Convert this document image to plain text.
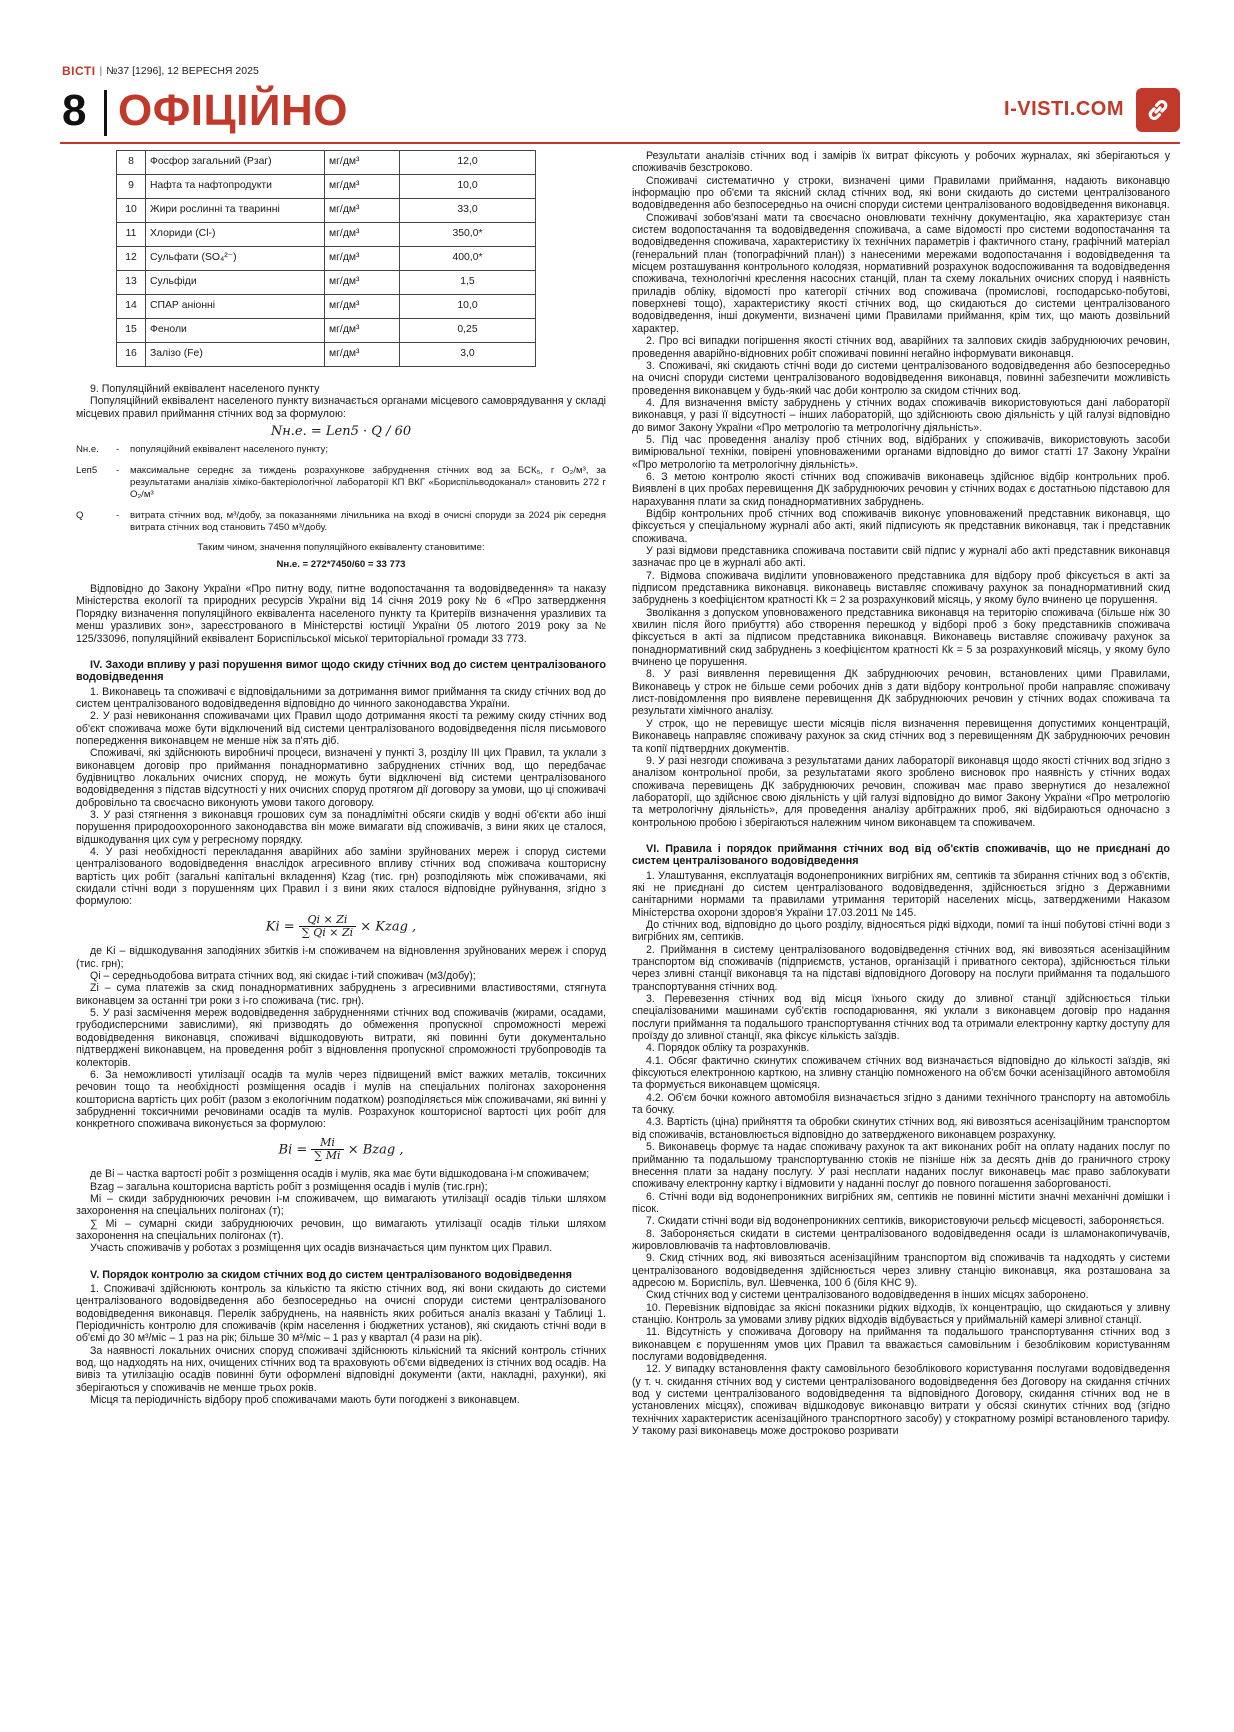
ВІСТІ | №37 [1296], 12 ВЕРЕСНЯ 2025
8 ОФІЦІЙНО	I-VISTI.COM
8	Фосфор загальний (Рзаг)	мг/дм³	12,0
9	Нафта та нафтопродукти	мг/дм³	10,0
10	Жири рослинні та тваринні	мг/дм³	33,0
11	Хлориди (Cl-)	мг/дм³	350,0*
12	Сульфати (SO₄²⁻)	мг/дм³	400,0*
13	Сульфіди	мг/дм³	1,5
14	СПАР аніонні	мг/дм³	10,0
15	Феноли	мг/дм³	0,25
16	Залізо (Fe)	мг/дм³	3,0

9. Популяційний еквівалент населеного пункту

Популяційний еквівалент населеного пункту визначається органами місцевого самоврядування у складі місцевих правил приймання стічних вод за формулою:

Nн.е. = Lеп5 · Q / 60
Nн.е.	-	популяційний еквівалент населеного пункту;
Lеп5	-	максимальне середнє за тиждень розрахункове забруднення стічних вод за БСК₅, г O₂/м³, за результатами аналізів хіміко-бактеріологічної лабораторії КП ВКГ «Бориспільводоканал» становить 272 г O₂/м³
Q	-	витрата стічних вод, м³/добу, за показаннями лічильника на вході в очисні споруди за 2024 рік середня витрата стічних вод становить 7450 м³/добу.
Таким чином, значення популяційного еквіваленту становитиме:
Nн.е. = 272*7450/60 = 33 773

Відповідно до Закону України «Про питну воду, питне водопостачання та водовідведення» та наказу Міністерства екології та природних ресурсів України від 14 січня 2019 року № 6 «Про затвердження Порядку визначення популяційного еквівалента населеного пункту та Критеріїв визначення уразливих та менш уразливих зон», зареєстрованого в Міністерстві юстиції України 05 лютого 2019 року за № 125/33096, популяційний еквівалент Бориспільської міської територіальної громади 33 773.

IV. Заходи впливу у разі порушення вимог щодо скиду стічних вод до систем централізованого водовідведення

1. Виконавець та споживачі є відповідальними за дотримання вимог приймання та скиду стічних вод до систем централізованого водовідведення відповідно до чинного законодавства України.

2. У разі невиконання споживачами цих Правил щодо дотримання якості та режиму скиду стічних вод об'єкт споживача може бути відключений від системи централізованого водовідведення після письмового попередження виконавцем не менше ніж за п'ять діб.

Споживачі, які здійснюють виробничі процеси, визначені у пункті 3, розділу III цих Правил, та уклали з виконавцем договір про приймання понаднормативно забруднених стічних вод, що передбачає будівництво локальних очисних споруд, не можуть бути відключені від системи централізованого водовідведення з підстав відсутності у них очисних споруд протягом дії договору за умови, що ці споживачі добровільно та своєчасно виконують умови такого договору.

3. У разі стягнення з виконавця грошових сум за понадлімітні обсяги скидів у водні об'єкти або інші порушення природоохоронного законодавства він може вимагати від споживачів, з вини яких це сталося, відшкодування цих сум у регресному порядку.

4. У разі необхідності перекладання аварійних або заміни зруйнованих мереж і споруд системи централізованого водовідведення внаслідок агресивного впливу стічних вод споживача кошторисну вартість цих робіт (загальні капітальні вкладення) Кzag (тис. грн) розподіляють між споживачами, які скидали стічні води з порушенням цих Правил і з вини яких сталося відповідне руйнування, згідно з формулою:

$Ki = \frac{Qi \times Zi}{\sum Qi \times Zi}$ × Kzag ,

де Ki – відшкодування заподіяних збитків i-м споживачем на відновлення зруйнованих мереж і споруд (тис. грн);

Qi – середньодобова витрата стічних вод, які скидає i-тий споживач (м3/добу);

Zi – сума платежів за скид понаднормативних забруднень з агресивними властивостями, стягнута виконавцем за останні три роки з i-го споживача (тис. грн).

5. У разі засмічення мереж водовідведення забрудненнями стічних вод споживачів (жирами, осадами, грубодисперсними завислими), які призводять до обмеження пропускної спроможності мережі водовідведення виконавця, споживачі відшкодовують витрати, які повинні бути документально підтверджені виконавцем, на проведення робіт з відновлення пропускної спроможності трубопроводів та колекторів.

6. За неможливості утилізації осадів та мулів через підвищений вміст важких металів, токсичних речовин тощо та необхідності розміщення осадів і мулів на спеціальних полігонах захоронення кошторисна вартість цих робіт (разом з екологічним податком) розподіляється між споживачами, які винні у забрудненні токсичними речовинами осадів та мулів. Розрахунок кошторисної вартості цих робіт для конкретного споживача виконується за формулою:

$Bi = \frac{Mi}{\sum Mi}$ × Bzag ,

де Bi – частка вартості робіт з розміщення осадів і мулів, яка має бути відшкодована i-м споживачем;

Bzag – загальна кошторисна вартість робіт з розміщення осадів і мулів (тис.грн);

Mi – скиди забруднюючих речовин i-м споживачем, що вимагають утилізації осадів тільки шляхом захоронення на спеціальних полігонах (т);

∑ Mi – сумарні скиди забруднюючих речовин, що вимагають утилізації осадів тільки шляхом захоронення на спеціальних полігонах (т).

Участь споживачів у роботах з розміщення цих осадів визначається цим пунктом цих Правил.

V. Порядок контролю за скидом стічних вод до систем централізованого водовідведення

1. Споживачі здійснюють контроль за кількістю та якістю стічних вод, які вони скидають до системи централізованого водовідведення або безпосередньо на очисні споруди системи централізованого водовідведення виконавця. Перелік забруднень, на наявність яких робиться аналіз вказані у Таблиці 1. Періодичність контролю для споживачів (крім населення і бюджетних установ), які скидають стічні води в об'ємі до 30 м³/міс – 1 раз на рік; більше 30 м³/міс – 1 раз у квартал (4 рази на рік).

За наявності локальних очисних споруд споживачі здійснюють кількісний та якісний контроль стічних вод, що надходять на них, очищених стічних вод та враховують об'єми відведених із стічних вод осадів. На вивіз та утилізацію осадів повинні бути оформлені відповідні документи (акти, накладні, рахунки), які зберігаються у споживачів не менше трьох років.

Місця та періодичність відбору проб споживачами мають бути погоджені з виконавцем.

Результати аналізів стічних вод і замірів їх витрат фіксують у робочих журналах, які зберігаються у споживачів безстроково.

Споживачі систематично у строки, визначені цими Правилами приймання, надають виконавцю інформацію про об'єми та якісний склад стічних вод, які вони скидають до системи централізованого водовідведення або безпосередньо на очисні споруди системи централізованого водовідведення виконавця.

Споживачі зобов'язані мати та своєчасно оновлювати технічну документацію, яка характеризує стан систем водопостачання та водовідведення споживача, а саме відомості про системи водопостачання та водовідведення споживача, характеристику їх технічних параметрів і фактичного стану, графічний матеріал (генеральний план (топографічний план)) з нанесеними мережами водопостачання і водовідведення та місцем розташування контрольного колодязя, нормативний розрахунок водоспоживання та водовідведення споживача, технологічні креслення насосних станцій, план та схему локальних очисних споруд і наявність приладів обліку, відомості про категорії стічних вод споживача (промислові, господарсько-побутові, поверхневі тощо), характеристику якості стічних вод, що скидаються до системи централізованого водовідведення, інші документи, визначені цими Правилами приймання, крім тих, що мають дозвільний характер.

2. Про всі випадки погіршення якості стічних вод, аварійних та залпових скидів забруднюючих речовин, проведення аварійно-відновних робіт споживачі повинні негайно інформувати виконавця.

3. Споживачі, які скидають стічні води до системи централізованого водовідведення або безпосередньо на очисні споруди системи централізованого водовідведення виконавця, повинні забезпечити можливість проведення виконавцем у будь-який час доби контролю за скидом стічних вод.

4. Для визначення вмісту забруднень у стічних водах споживачів використовуються дані лабораторії виконавця, у разі її відсутності – інших лабораторій, що здійснюють свою діяльність у цій галузі відповідно до вимог Закону України «Про метрологію та метрологічну діяльність».

5. Під час проведення аналізу проб стічних вод, відібраних у споживачів, використовують засоби вимірювальної техніки, повірені уповноваженими органами відповідно до вимог статті 17 Закону України «Про метрологію та метрологічну діяльність».

6. З метою контролю якості стічних вод споживачів виконавець здійснює відбір контрольних проб. Виявлені в цих пробах перевищення ДК забруднюючих речовин у стічних водах є достатньою підставою для нарахування плати за скид понаднормативних забруднень.

Відбір контрольних проб стічних вод споживачів виконує уповноважений представник виконавця, що фіксується у спеціальному журналі або акті, який підписують як представник виконавця, так і представник споживача.

У разі відмови представника споживача поставити свій підпис у журналі або акті представник виконавця зазначає про це в журналі або акті.

7. Відмова споживача виділити уповноваженого представника для відбору проб фіксується в акті за підписом представника виконавця. виконавець виставляє споживачу рахунок за понаднормативний скид забруднень з коефіцієнтом кратності Кk = 2 за розрахунковий місяць, у якому було вчинено це порушення.

Зволікання з допуском уповноваженого представника виконавця на територію споживача (більше ніж 30 хвилин після його прибуття) або створення перешкод у відборі проб з боку представників споживача фіксується в акті за підписом представника виконавця. Виконавець виставляє споживачу рахунок за понаднормативний скид забруднень з коефіцієнтом кратності Кk = 5 за розрахунковий місяць, у якому було вчинено це порушення.

8. У разі виявлення перевищення ДК забруднюючих речовин, встановлених цими Правилами, Виконавець у строк не більше семи робочих днів з дати відбору контрольної проби направляє споживачу лист-повідомлення про виявлене перевищення ДК забруднюючих речовин у стічних водах споживача та результати хімічного аналізу.

У строк, що не перевищує шести місяців після визначення перевищення допустимих концентрацій, Виконавець направляє споживачу рахунок за скид стічних вод з перевищенням ДК забруднюючих речовин та копії підтвердних документів.

9. У разі незгоди споживача з результатами даних лабораторії виконавця щодо якості стічних вод згідно з аналізом контрольної проби, за результатами якого зроблено висновок про наявність у стічних водах споживача перевищень ДК забруднюючих речовин, споживач має право звернутися до незалежної лабораторії, що здійснює свою діяльність у цій галузі відповідно до вимог Закону України «Про метрологію та метрологічну діяльність», для проведення аналізу арбітражних проб, які відбираються одночасно з контрольною пробою і зберігаються належним чином виконавцем та споживачем.

VI. Правила і порядок приймання стічних вод від об'єктів споживачів, що не приєднані до систем централізованого водовідведення

1. Улаштування, експлуатація водонепроникних вигрібних ям, септиків та збирання стічних вод з об'єктів, які не приєднані до систем централізованого водовідведення, здійснюється згідно з Державними санітарними нормами та правилами утримання територій населених місць, затвердженими Наказом Міністерства охорони здоров'я України 17.03.2011 № 145.

До стічних вод, відповідно до цього розділу, відносяться рідкі відходи, помиї та інші побутові стічні води з вигрібних ям, септиків.

2. Приймання в систему централізованого водовідведення стічних вод, які вивозяться асенізаційним транспортом від споживачів (підприємств, установ, організацій і приватного сектора), здійснюється тільки через зливні станції виконавця та на підставі відповідного Договору на послуги приймання та подальшого транспортування стічних вод.

3. Перевезення стічних вод від місця їхнього скиду до зливної станції здійснюється тільки спеціалізованими машинами суб'єктів господарювання, які уклали з виконавцем договір про надання послуги приймання та подальшого транспортування стічних вод та отримали електронну картку доступу для проїзду до зливної станції, яка фіксує кількість заїздів.

4. Порядок обліку та розрахунків.

4.1. Обсяг фактично скинутих споживачем стічних вод визначається відповідно до кількості заїздів, які фіксуються електронною карткою, на зливну станцію помноженого на об'єм бочки асенізаційного автомобіля та формується виконавцем щомісяця.

4.2. Об'єм бочки кожного автомобіля визначається згідно з даними технічного транспорту на автомобіль та бочку.

4.3. Вартість (ціна) прийняття та обробки скинутих стічних вод, які вивозяться асенізаційним транспортом від споживачів, встановлюється відповідно до затвердженого виконавцем розрахунку.

5. Виконавець формує та надає споживачу рахунок та акт виконаних робіт на оплату наданих послуг по прийманню та подальшому транспортуванню стоків не пізніше ніж за десять днів до граничного строку внесення плати за надану послугу. У разі несплати наданих послуг виконавець має право заблокувати споживачу електронну картку і відмовити у наданні послуг до повного погашення заборгованості.

6. Стічні води від водонепроникних вигрібних ям, септиків не повинні містити значні механічні домішки і пісок.

7. Скидати стічні води від водонепроникних септиків, використовуючи рельєф місцевості, забороняється.

8. Забороняється скидати в системи централізованого водовідведення осади із шламонакопичувачів, жировловлювачів та нафтовловлювачів.

9. Скид стічних вод, які вивозяться асенізаційним транспортом від споживачів та надходять у системи централізованого водовідведення здійснюється через зливну станцію виконавця, яка розташована за адресою м. Бориспіль, вул. Шевченка, 100 б (біля КНС 9).

Скид стічних вод у системи централізованого водовідведення в інших місцях заборонено.

10. Перевізник відповідає за якісні показники рідких відходів, їх концентрацію, що скидаються у зливну станцію. Контроль за умовами зливу рідких відходів відбувається у приймальній камері зливної станції.

11. Відсутність у споживача Договору на приймання та подальшого транспортування стічних вод з виконавцем є порушенням умов цих Правил та вважається самовільним і безобліковим користуванням послугами водовідведення.

12. У випадку встановлення факту самовільного безоблікового користування послугами водовідведення (у т. ч. скидання стічних вод у системи централізованого водовідведення без Договору на скидання стічних вод у системи централізованого водовідведення та відповідного Договору, скидання стічних вод не в установлених місцях), споживач відшкодовує виконавцю витрати у обсязі скинутих стічних вод (згідно технічних характеристик асенізаційного транспортного засобу) у стократному розмірі встановленого тарифу. У такому разі виконавець може достроково розривати
